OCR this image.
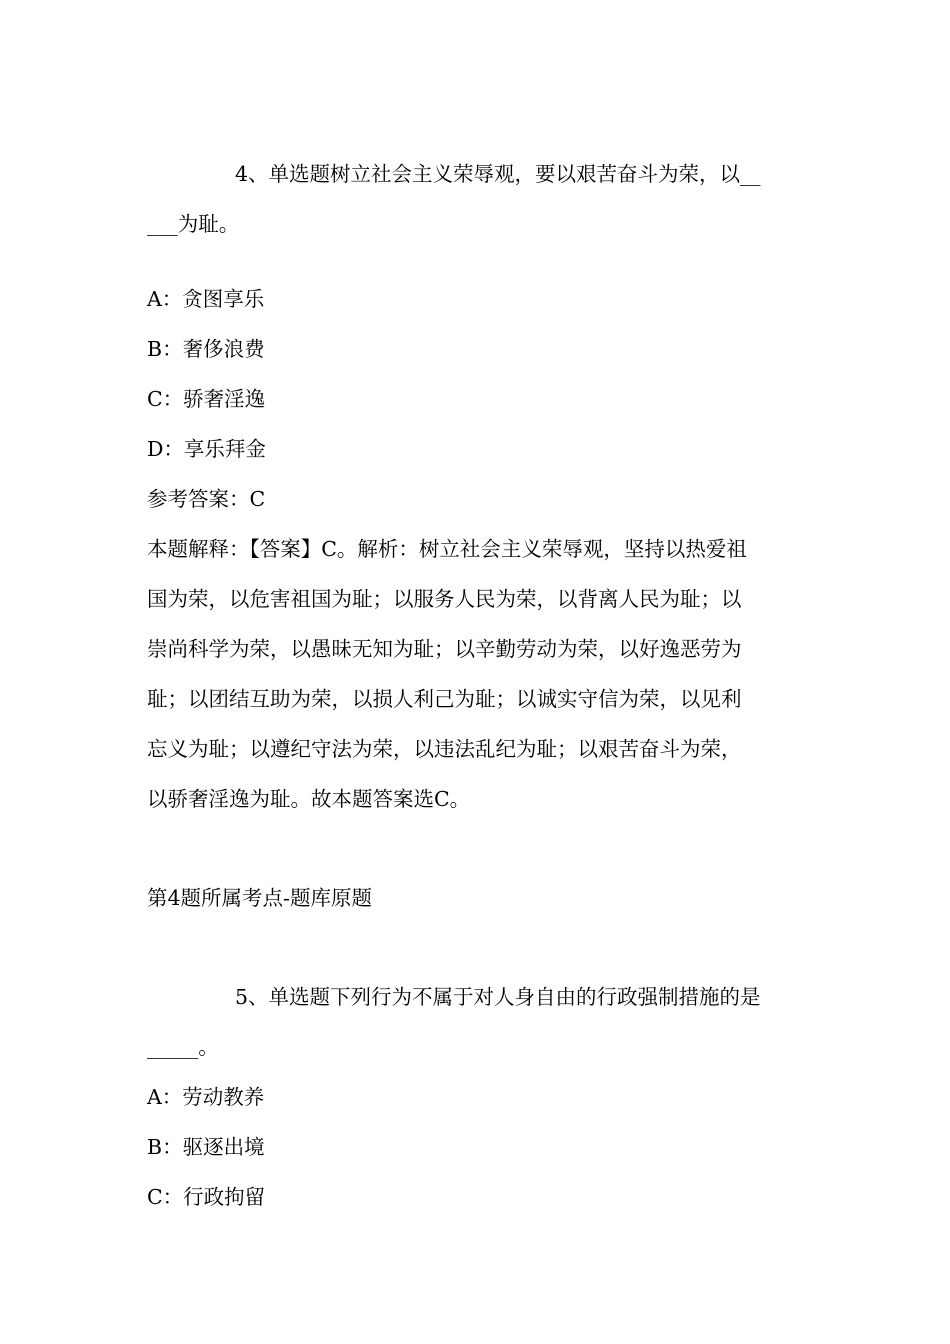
4、单选题树立社会主义荣辱观，要以艰苦奋斗为荣，以__
___为耻。
A：贪图享乐
B：奢侈浪费
C：骄奢淫逸
D：享乐拜金
参考答案：C
本题解释：【答案】C。解析：树立社会主义荣辱观，坚持以热爱祖
国为荣，以危害祖国为耻；以服务人民为荣，以背离人民为耻；以
崇尚科学为荣，以愚昧无知为耻；以辛勤劳动为荣，以好逸恶劳为
耻；以团结互助为荣，以损人利己为耻；以诚实守信为荣，以见利
忘义为耻；以遵纪守法为荣，以违法乱纪为耻；以艰苦奋斗为荣，
以骄奢淫逸为耻。故本题答案选C。
第4题所属考点-题库原题
5、单选题下列行为不属于对人身自由的行政强制措施的是
_____。
A：劳动教养
B：驱逐出境
C：行政拘留
